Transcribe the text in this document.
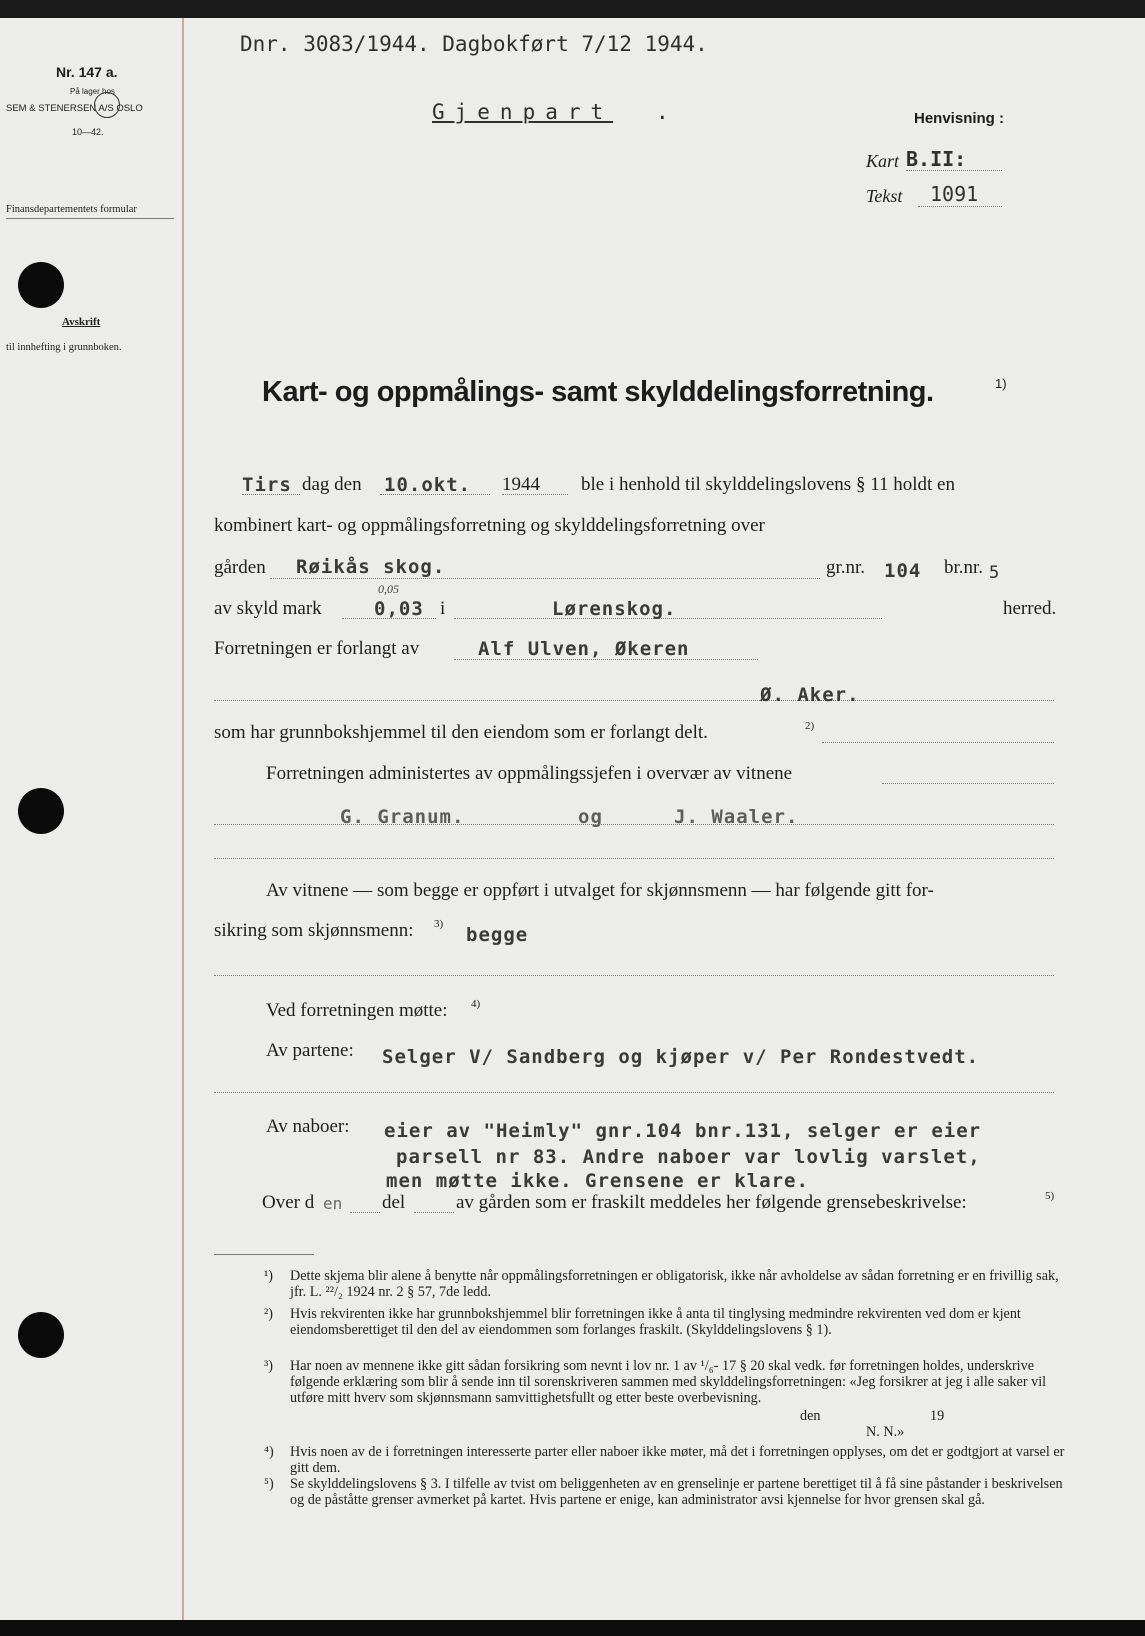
Nr. 147 a.
På lager hos
SEM & STENERSEN A/S OSLO
10—42.
Finansdepartementets formular
Avskrift
til innhefting i grunnboken.
Dnr. 3083/1944. Dagbokført 7/12 1944.
Gjenpart .	Henvisning :
Kart B.II:
Tekst 1091
Kart- og oppmålings- samt skylddelingsforretning.	1)
Tirs dag den 10.okt. 1944 ble i henhold til skylddelingslovens § 11 holdt en
kombinert kart- og oppmålingsforretning og skylddelingsforretning over
gården Røikås skog.	gr.nr. 104 br.nr. 5
av skyld mark
0,05
0,03 i	Lørenskog.	herred.
Forretningen er forlangt av	Alf Ulven, Økeren
Ø. Aker.
som har grunnbokshjemmel til den eiendom som er forlangt delt.	2)
Forretningen administertes av oppmålingssjefen i overvær av vitnene
G. Granum.	og	J. Waaler.
Av vitnene — som begge er oppført i utvalget for skjønnsmenn — har følgende gitt for-
sikring som skjønnsmenn: 3) begge
Ved forretningen møtte: 4)
Av partene: Selger V/ Sandberg og kjøper v/ Per Rondestvedt.
Av naboer: eier av "Heimly" gnr.104 bnr.131, selger er eier
parsell nr 83. Andre naboer var lovlig varslet,
men møtte ikke. Grensene er klare.
Over d en del	av gården som er fraskilt meddeles her følgende grensebeskrivelse:	5)
¹) Dette skjema blir alene å benytte når oppmålingsforretningen er obligatorisk, ikke når avholdelse av sådan forretning er en frivillig sak, jfr. L. ²²/₂ 1924 nr. 2 § 57, 7de ledd.
²) Hvis rekvirenten ikke har grunnbokshjemmel blir forretningen ikke å anta til tinglysing medmindre rekvirenten ved dom er kjent eiendomsberettiget til den del av eiendommen som forlanges fraskilt. (Skylddelingslovens § 1).
³) Har noen av mennene ikke gitt sådan forsikring som nevnt i lov nr. 1 av ¹/₆- 17 § 20 skal vedk. før forretningen holdes, underskrive følgende erklæring som blir å sende inn til sorenskriveren sammen med skylddelingsforretningen: «Jeg forsikrer at jeg i alle saker vil utføre mitt hverv som skjønnsmann samvittighetsfullt og etter beste overbevisning.
den	19
N. N.»
⁴) Hvis noen av de i forretningen interesserte parter eller naboer ikke møter, må det i forretningen opplyses, om det er godtgjort at varsel er gitt dem.
⁵) Se skylddelingslovens § 3. I tilfelle av tvist om beliggenheten av en grenselinje er partene berettiget til å få sine påstander i beskrivelsen og de påståtte grenser avmerket på kartet. Hvis partene er enige, kan administrator avsi kjennelse for hvor grensen skal gå.
